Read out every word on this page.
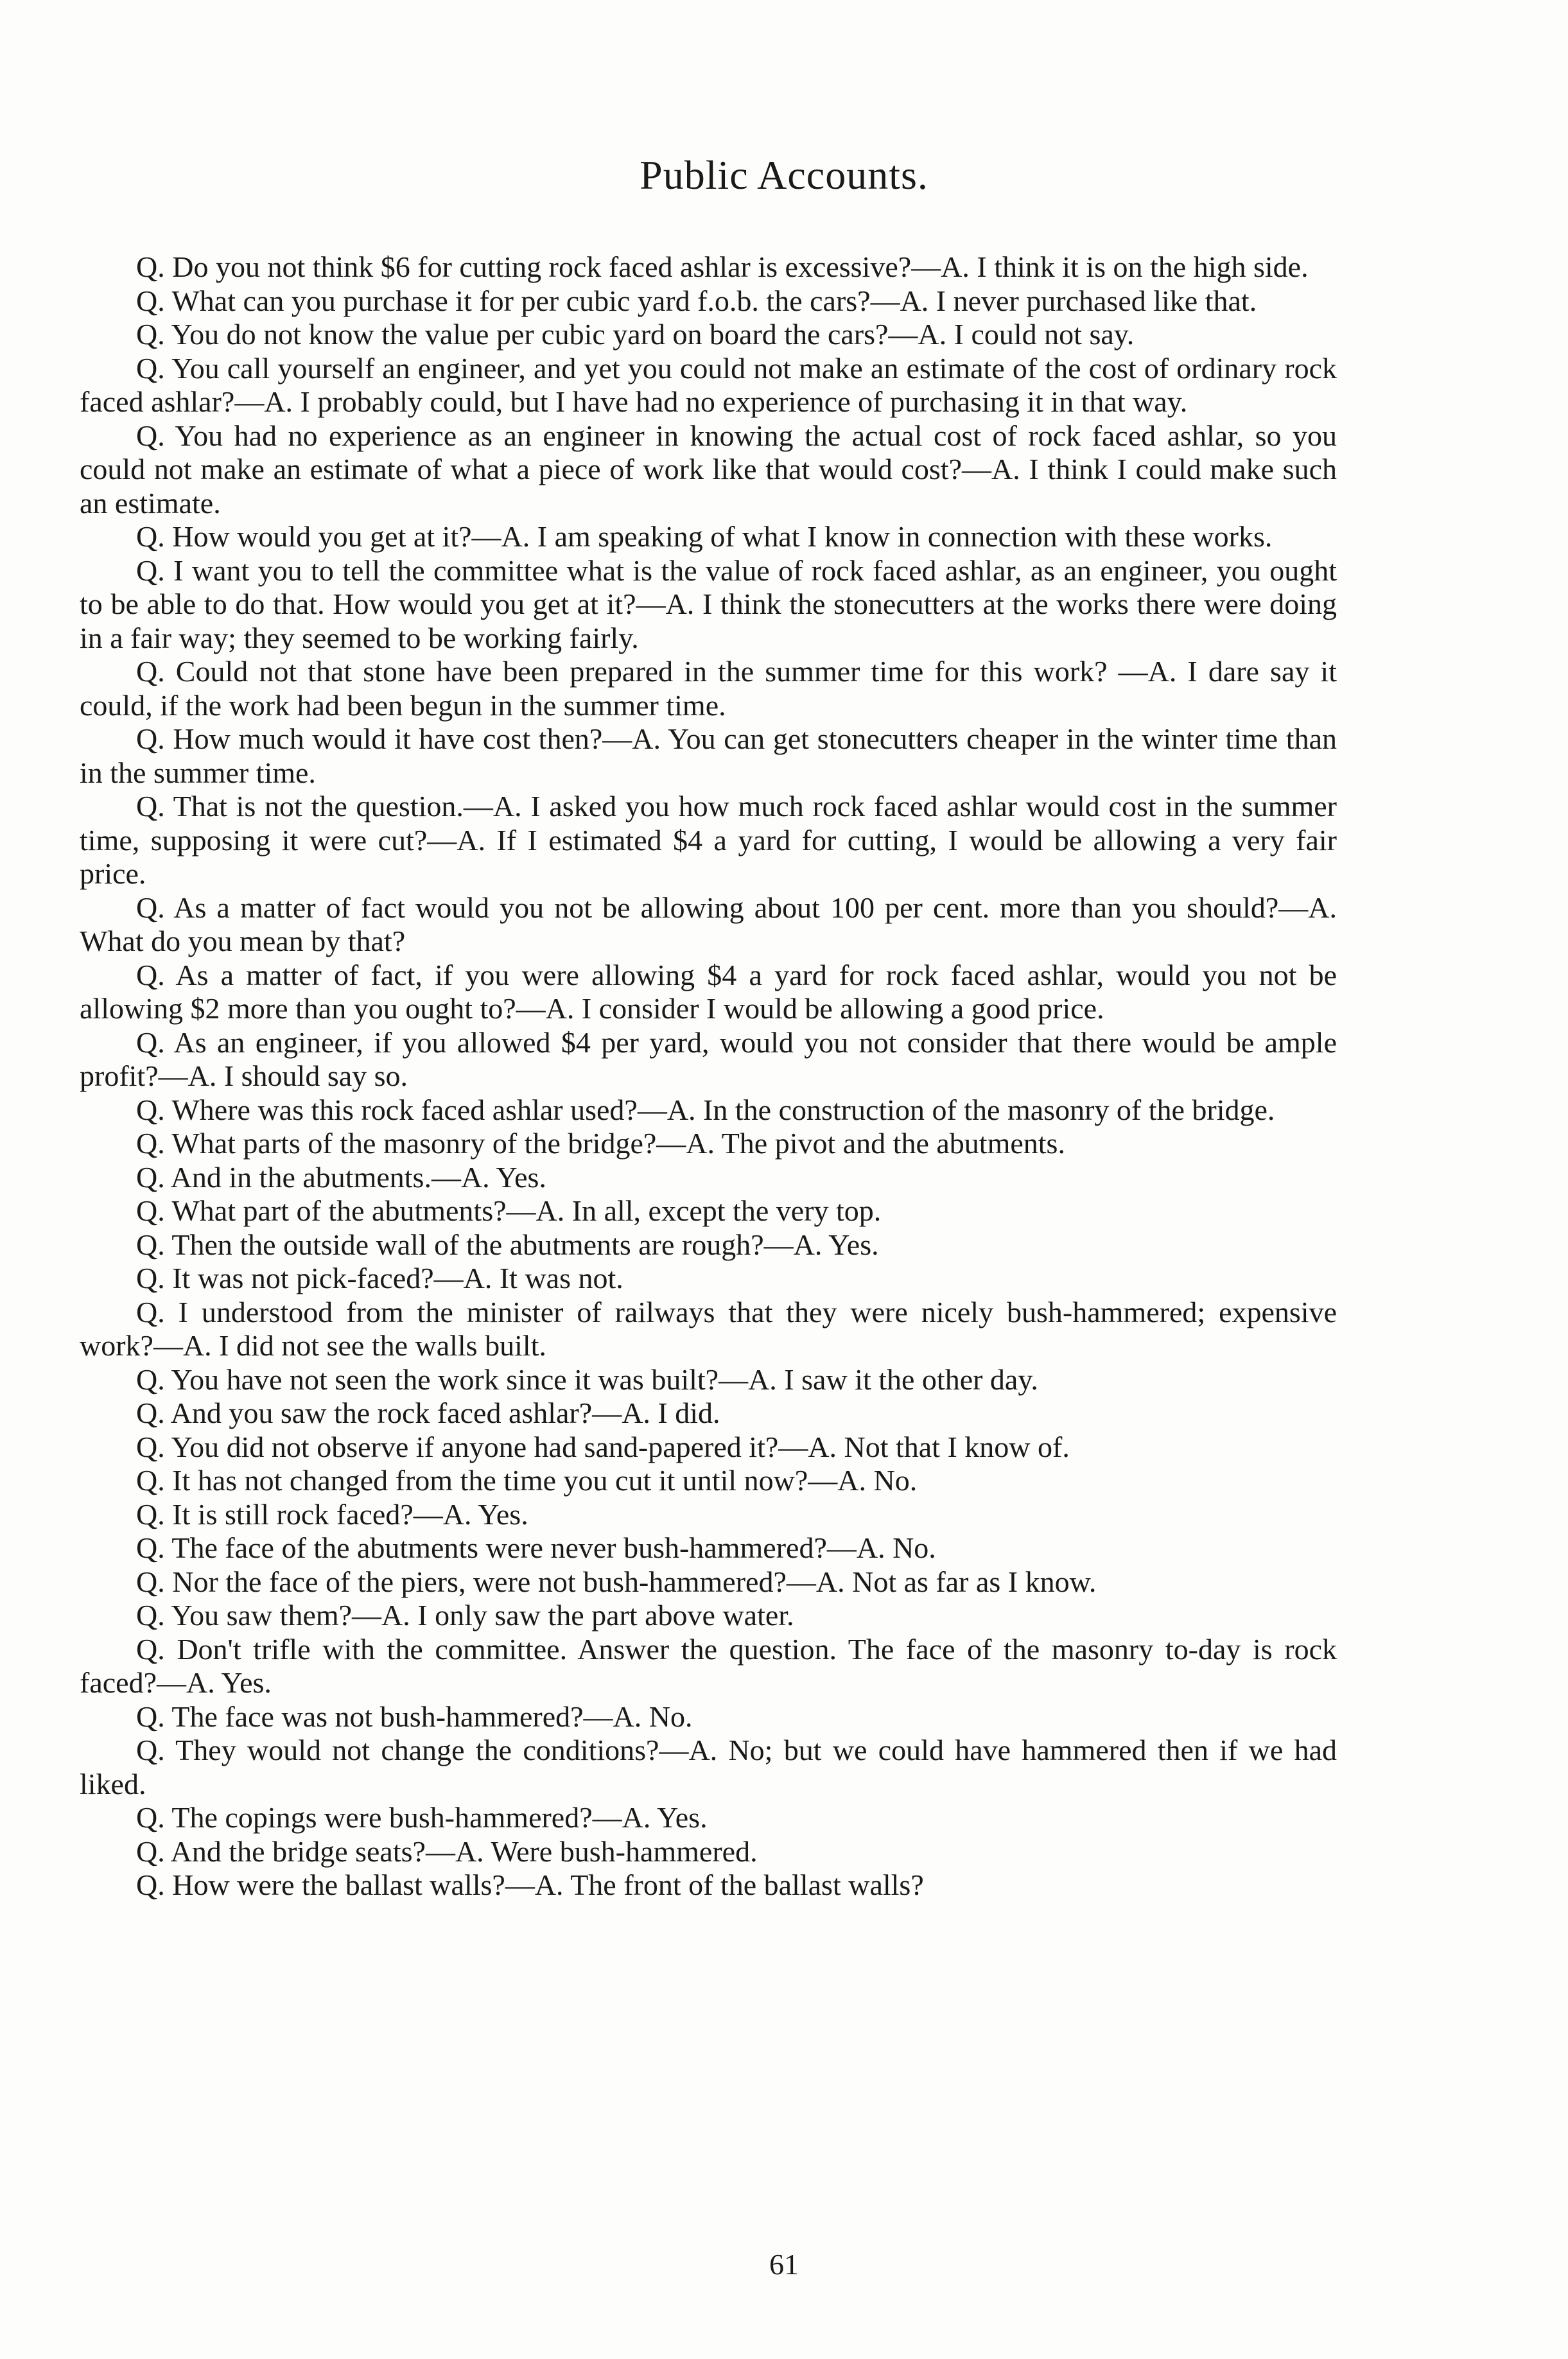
Public Accounts.

Q. Do you not think $6 for cutting rock faced ashlar is excessive?—A. I think it is on the high side.

Q. What can you purchase it for per cubic yard f.o.b. the cars?—A. I never purchased like that.

Q. You do not know the value per cubic yard on board the cars?—A. I could not say.

Q. You call yourself an engineer, and yet you could not make an estimate of the cost of ordinary rock faced ashlar?—A. I probably could, but I have had no experience of purchasing it in that way.

Q. You had no experience as an engineer in knowing the actual cost of rock faced ashlar, so you could not make an estimate of what a piece of work like that would cost?—A. I think I could make such an estimate.

Q. How would you get at it?—A. I am speaking of what I know in connection with these works.

Q. I want you to tell the committee what is the value of rock faced ashlar, as an engineer, you ought to be able to do that. How would you get at it?—A. I think the stonecutters at the works there were doing in a fair way; they seemed to be working fairly.

Q. Could not that stone have been prepared in the summer time for this work? —A. I dare say it could, if the work had been begun in the summer time.

Q. How much would it have cost then?—A. You can get stonecutters cheaper in the winter time than in the summer time.

Q. That is not the question.—A. I asked you how much rock faced ashlar would cost in the summer time, supposing it were cut?—A. If I estimated $4 a yard for cutting, I would be allowing a very fair price.

Q. As a matter of fact would you not be allowing about 100 per cent. more than you should?—A. What do you mean by that?

Q. As a matter of fact, if you were allowing $4 a yard for rock faced ashlar, would you not be allowing $2 more than you ought to?—A. I consider I would be allowing a good price.

Q. As an engineer, if you allowed $4 per yard, would you not consider that there would be ample profit?—A. I should say so.

Q. Where was this rock faced ashlar used?—A. In the construction of the masonry of the bridge.

Q. What parts of the masonry of the bridge?—A. The pivot and the abutments.

Q. And in the abutments.—A. Yes.

Q. What part of the abutments?—A. In all, except the very top.

Q. Then the outside wall of the abutments are rough?—A. Yes.

Q. It was not pick-faced?—A. It was not.

Q. I understood from the minister of railways that they were nicely bush-hammered; expensive work?—A. I did not see the walls built.

Q. You have not seen the work since it was built?—A. I saw it the other day.

Q. And you saw the rock faced ashlar?—A. I did.

Q. You did not observe if anyone had sand-papered it?—A. Not that I know of.

Q. It has not changed from the time you cut it until now?—A. No.

Q. It is still rock faced?—A. Yes.

Q. The face of the abutments were never bush-hammered?—A. No.

Q. Nor the face of the piers, were not bush-hammered?—A. Not as far as I know.

Q. You saw them?—A. I only saw the part above water.

Q. Don't trifle with the committee. Answer the question. The face of the masonry to-day is rock faced?—A. Yes.

Q. The face was not bush-hammered?—A. No.

Q. They would not change the conditions?—A. No; but we could have hammered then if we had liked.

Q. The copings were bush-hammered?—A. Yes.

Q. And the bridge seats?—A. Were bush-hammered.

Q. How were the ballast walls?—A. The front of the ballast walls?

61
